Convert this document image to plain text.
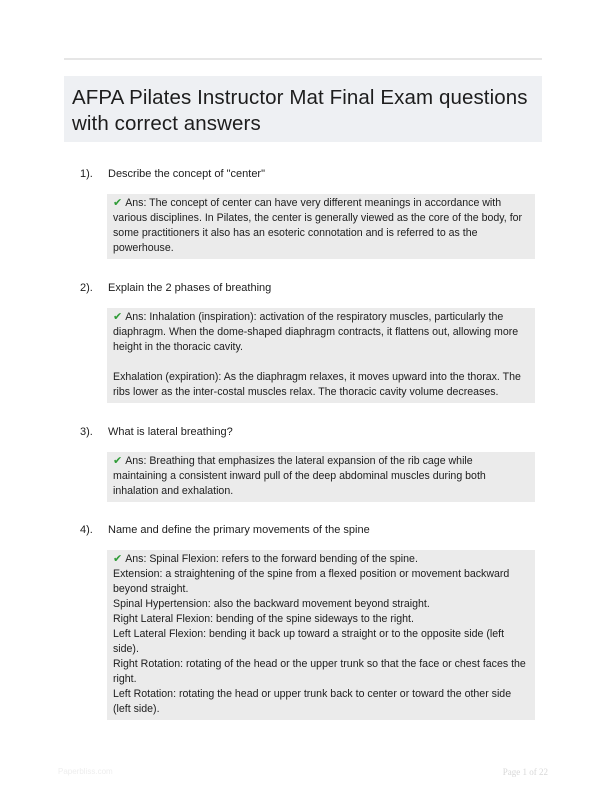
AFPA Pilates Instructor Mat Final Exam questions with correct answers
1).	Describe the concept of "center"

✔ Ans: The concept of center can have very different meanings in accordance with various disciplines. In Pilates, the center is generally viewed as the core of the body, for some practitioners it also has an esoteric connotation and is referred to as the powerhouse.

2).	Explain the 2 phases of breathing

✔ Ans: Inhalation (inspiration): activation of the respiratory muscles, particularly the diaphragm. When the dome-shaped diaphragm contracts, it flattens out, allowing more height in the thoracic cavity.

Exhalation (expiration): As the diaphragm relaxes, it moves upward into the thorax. The ribs lower as the inter-costal muscles relax. The thoracic cavity volume decreases.

3).	What is lateral breathing?

✔ Ans: Breathing that emphasizes the lateral expansion of the rib cage while maintaining a consistent inward pull of the deep abdominal muscles during both inhalation and exhalation.

4).	Name and define the primary movements of the spine

✔ Ans: Spinal Flexion: refers to the forward bending of the spine.

Extension: a straightening of the spine from a flexed position or movement backward beyond straight.

Spinal Hypertension: also the backward movement beyond straight.

Right Lateral Flexion: bending of the spine sideways to the right.

Left Lateral Flexion: bending it back up toward a straight or to the opposite side (left side).

Right Rotation: rotating of the head or the upper trunk so that the face or chest faces the right.

Left Rotation: rotating the head or upper trunk back to center or toward the other side (left side).

Paperbliss.com	Page 1 of 22
